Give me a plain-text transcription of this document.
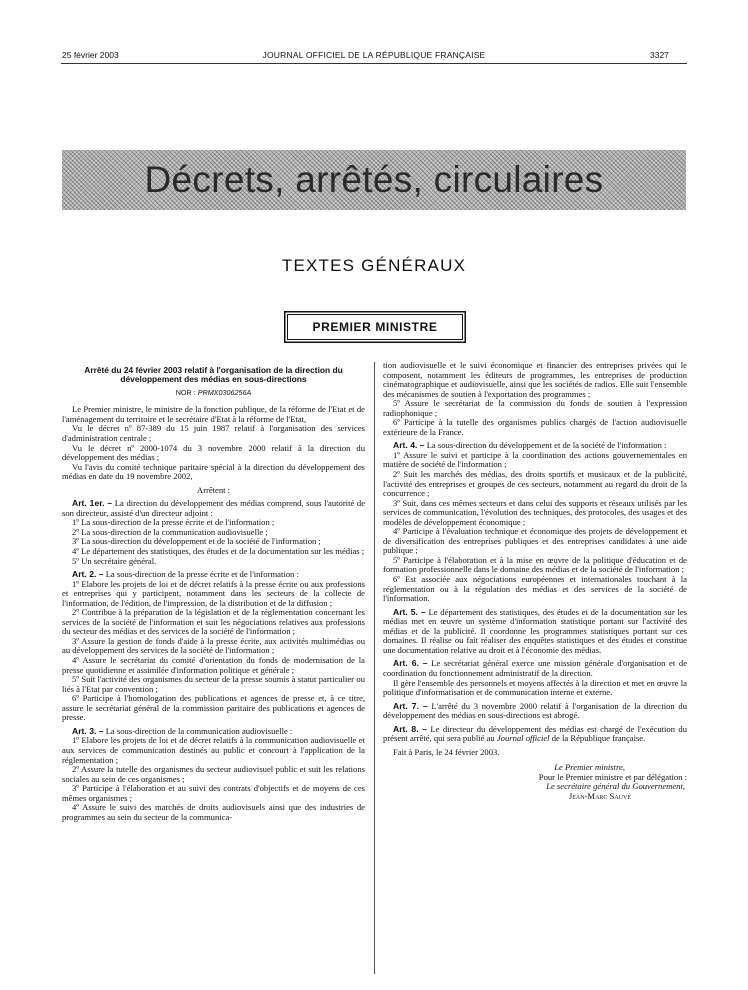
25 février 2003	JOURNAL OFFICIEL DE LA RÉPUBLIQUE FRANÇAISE	3327
Décrets, arrêtés, circulaires
TEXTES GÉNÉRAUX
PREMIER MINISTRE

Arrêté du 24 février 2003 relatif à l'organisation de la direction du développement des médias en sous-directions

NOR : PRMX0306256A

Le Premier ministre, le ministre de la fonction publique, de la réforme de l'Etat et de l'aménagement du territoire et le secrétaire d'Etat à la réforme de l'Etat,

Vu le décret nº 87-389 du 15 juin 1987 relatif à l'organisation des services d'administration centrale ;

Vu le décret nº 2000-1074 du 3 novembre 2000 relatif à la direction du développement des médias ;

Vu l'avis du comité technique paritaire spécial à la direction du développement des médias en date du 19 novembre 2002,

Arrêtent :

Art. 1er. – La direction du développement des médias comprend, sous l'autorité de son directeur, assisté d'un directeur adjoint :

1º La sous-direction de la presse écrite et de l'information ;

2º La sous-direction de la communication audiovisuelle ;

3º La sous-direction du développement et de la société de l'information ;

4º Le département des statistiques, des études et de la documentation sur les médias ;

5º Un secrétaire général.

Art. 2. – La sous-direction de la presse écrite et de l'information :

1º Elabore les projets de loi et de décret relatifs à la presse écrite ou aux professions et entreprises qui y participent, notamment dans les secteurs de la collecte de l'information, de l'édition, de l'impression, de la distribution et de la diffusion ;

2º Contribue à la préparation de la législation et de la réglementation concernant les services de la société de l'information et suit les négociations relatives aux professions du secteur des médias et des services de la société de l'information ;

3º Assure la gestion de fonds d'aide à la presse écrite, aux activités multimédias ou au développement des services de la société de l'information ;

4º Assure le secrétariat du comité d'orientation du fonds de modernisation de la presse quotidienne et assimilée d'information politique et générale ;

5º Suit l'activité des organismes du secteur de la presse soumis à statut particulier ou liés à l'Etat par convention ;

6º Participe à l'homologation des publications et agences de presse et, à ce titre, assure le secrétariat général de la commission paritaire des publications et agences de presse.

Art. 3. – La sous-direction de la communication audiovisuelle :

1º Elabore les projets de loi et de décret relatifs à la communication audiovisuelle et aux services de communication destinés au public et concourt à l'application de la réglementation ;

2º Assure la tutelle des organismes du secteur audiovisuel public et suit les relations sociales au sein de ces organismes ;

3º Participe à l'élaboration et au suivi des contrats d'objectifs et de moyens de ces mêmes organismes ;

4º Assure le suivi des marchés de droits audiovisuels ainsi que des industries de programmes au sein du secteur de la communica-

tion audiovisuelle et le suivi économique et financier des entreprises privées qui le composent, notamment les éditeurs de programmes, les entreprises de production cinématographique et audiovisuelle, ainsi que les sociétés de radios. Elle suit l'ensemble des mécanismes de soutien à l'exportation des programmes ;

5º Assure le secrétariat de la commission du fonds de soutien à l'expression radiophonique ;

6º Participe à la tutelle des organismes publics chargés de l'action audiovisuelle extérieure de la France.

Art. 4. – La sous-direction du développement et de la société de l'information :

1º Assure le suivi et participe à la coordination des actions gouvernementales en matière de société de l'information ;

2º Suit les marchés des médias, des droits sportifs et musicaux et de la publicité, l'activité des entreprises et groupes de ces secteurs, notamment au regard du droit de la concurrence ;

3º Suit, dans ces mêmes secteurs et dans celui des supports et réseaux utilisés par les services de communication, l'évolution des techniques, des protocoles, des usages et des modèles de développement économique ;

4º Participe à l'évaluation technique et économique des projets de développement et de diversification des entreprises publiques et des entreprises candidates à une aide publique ;

5º Participe à l'élaboration et à la mise en œuvre de la politique d'éducation et de formation professionnelle dans le domaine des médias et de la société de l'information ;

6º Est associée aux négociations européennes et internationales touchant à la réglementation ou à la régulation des médias et des services de la société de l'information.

Art. 5. – Le département des statistiques, des études et de la documentation sur les médias met en œuvre un système d'information statistique portant sur l'activité des médias et de la publicité. Il coordonne les programmes statistiques portant sur ces domaines. Il réalise ou fait réaliser des enquêtes statistiques et des études et constitue une documentation relative au droit et à l'économie des médias.

Art. 6. – Le secrétariat général exerce une mission générale d'organisation et de coordination du fonctionnement administratif de la direction.

Il gère l'ensemble des personnels et moyens affectés à la direction et met en œuvre la politique d'informatisation et de communication interne et externe.

Art. 7. – L'arrêté du 3 novembre 2000 relatif à l'organisation de la direction du développement des médias en sous-directions est abrogé.

Art. 8. – Le directeur du développement des médias est chargé de l'exécution du présent arrêté, qui sera publié au Journal officiel de la République française.

Fait à Paris, le 24 février 2003.

Le Premier ministre,

Pour le Premier ministre et par délégation :

Le secrétaire général du Gouvernement,

Jean-Marc Sauvé
